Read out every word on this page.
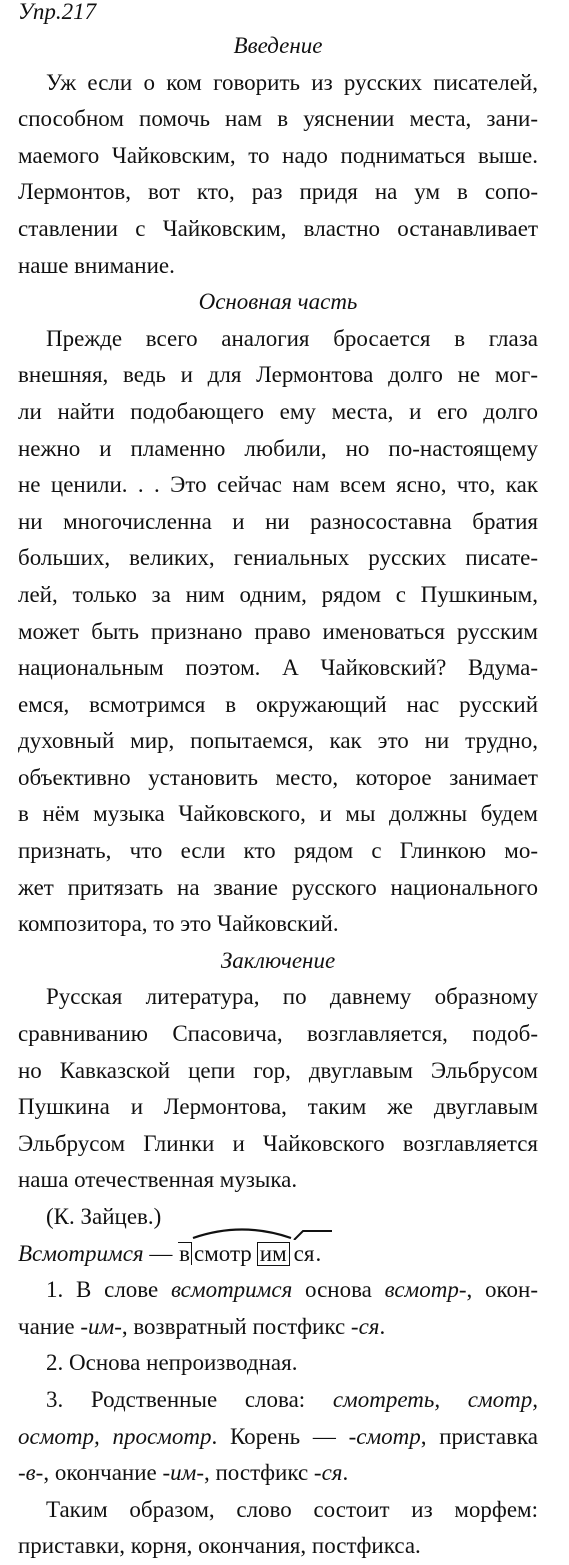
Упр.217
Введение
Уж если о ком говорить из русских писателей,
способном помочь нам в уяснении места, зани-
маемого Чайковским, то надо подниматься выше.
Лермонтов, вот кто, раз придя на ум в сопо-
ставлении с Чайковским, властно останавливает
наше внимание.
Основная часть
Прежде всего аналогия бросается в глаза
внешняя, ведь и для Лермонтова долго не мог-
ли найти подобающего ему места, и его долго
нежно и пламенно любили, но по-настоящему
не ценили. . . Это сейчас нам всем ясно, что, как
ни многочисленна и ни разносоставна братия
больших, великих, гениальных русских писате-
лей, только за ним одним, рядом с Пушкиным,
может быть признано право именоваться русским
национальным поэтом. А Чайковский? Вдума-
емся, всмотримся в окружающий нас русский
духовный мир, попытаемся, как это ни трудно,
объективно установить место, которое занимает
в нём музыка Чайковского, и мы должны будем
признать, что если кто рядом с Глинкою мо-
жет притязать на звание русского национального
композитора, то это Чайковский.
Заключение
Русская литература, по давнему образному
сравниванию Спасовича, возглавляется, подоб-
но Кавказской цепи гор, двуглавым Эльбрусом
Пушкина и Лермонтова, таким же двуглавым
Эльбрусом Глинки и Чайковского возглавляется
наша отечественная музыка.
(К. Зайцев.)
Всмотримся — в смотр им ся.
1. В слове всмотримся основа всмотр-, окон-
чание -им-, возвратный постфикс -ся.
2. Основа непроизводная.
3. Родственные слова: смотреть, смотр,
осмотр, просмотр. Корень — -смотр, приставка
-в-, окончание -им-, постфикс -ся.
Таким образом, слово состоит из морфем:
приставки, корня, окончания, постфикса.
